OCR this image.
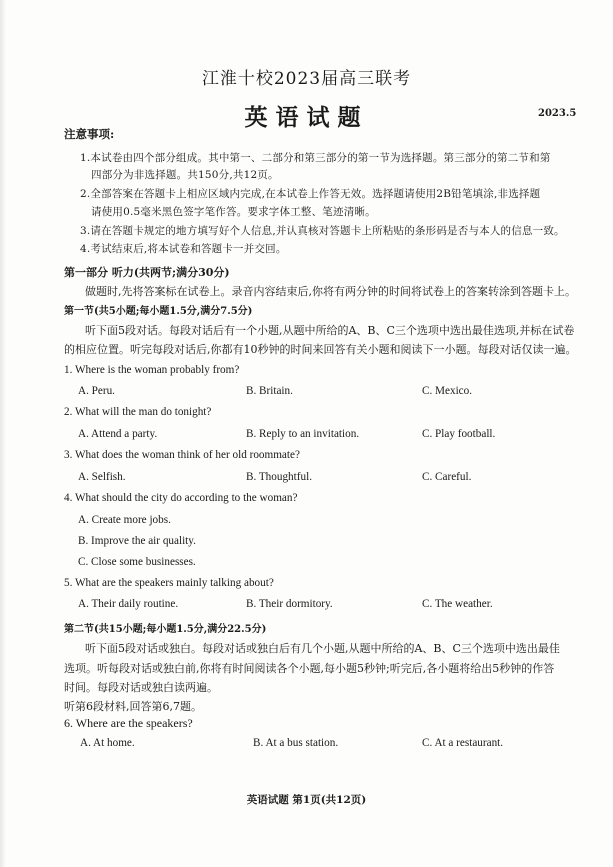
江淮十校2023届高三联考
英语试题	2023.5
注意事项:
1.本试卷由四个部分组成。其中第一、二部分和第三部分的第一节为选择题。第三部分的第二节和第
四部分为非选择题。共150分,共12页。
2.全部答案在答题卡上相应区域内完成,在本试卷上作答无效。选择题请使用2B铅笔填涂,非选择题
请使用0.5毫米黑色签字笔作答。要求字体工整、笔迹清晰。
3.请在答题卡规定的地方填写好个人信息,并认真核对答题卡上所粘贴的条形码是否与本人的信息一致。
4.考试结束后,将本试卷和答题卡一并交回。
第一部分 听力(共两节;满分30分)
做题时,先将答案标在试卷上。录音内容结束后,你将有两分钟的时间将试卷上的答案转涂到答题卡上。
第一节(共5小题;每小题1.5分,满分7.5分)
听下面5段对话。每段对话后有一个小题,从题中所给的A、B、C三个选项中选出最佳选项,并标在试卷
的相应位置。听完每段对话后,你都有10秒钟的时间来回答有关小题和阅读下一小题。每段对话仅读一遍。
1. Where is the woman probably from?
A. Peru.	B. Britain.	C. Mexico.
2. What will the man do tonight?
A. Attend a party.	B. Reply to an invitation.	C. Play football.
3. What does the woman think of her old roommate?
A. Selfish.	B. Thoughtful.	C. Careful.
4. What should the city do according to the woman?
A. Create more jobs.
B. Improve the air quality.
C. Close some businesses.
5. What are the speakers mainly talking about?
A. Their daily routine.	B. Their dormitory.	C. The weather.
第二节(共15小题;每小题1.5分,满分22.5分)
听下面5段对话或独白。每段对话或独白后有几个小题,从题中所给的A、B、C三个选项中选出最佳
选项。听每段对话或独白前,你将有时间阅读各个小题,每小题5秒钟;听完后,各小题将给出5秒钟的作答
时间。每段对话或独白读两遍。
听第6段材料,回答第6,7题。
6. Where are the speakers?
A. At home.	B. At a bus station.	C. At a restaurant.
英语试题 第1页(共12页)
